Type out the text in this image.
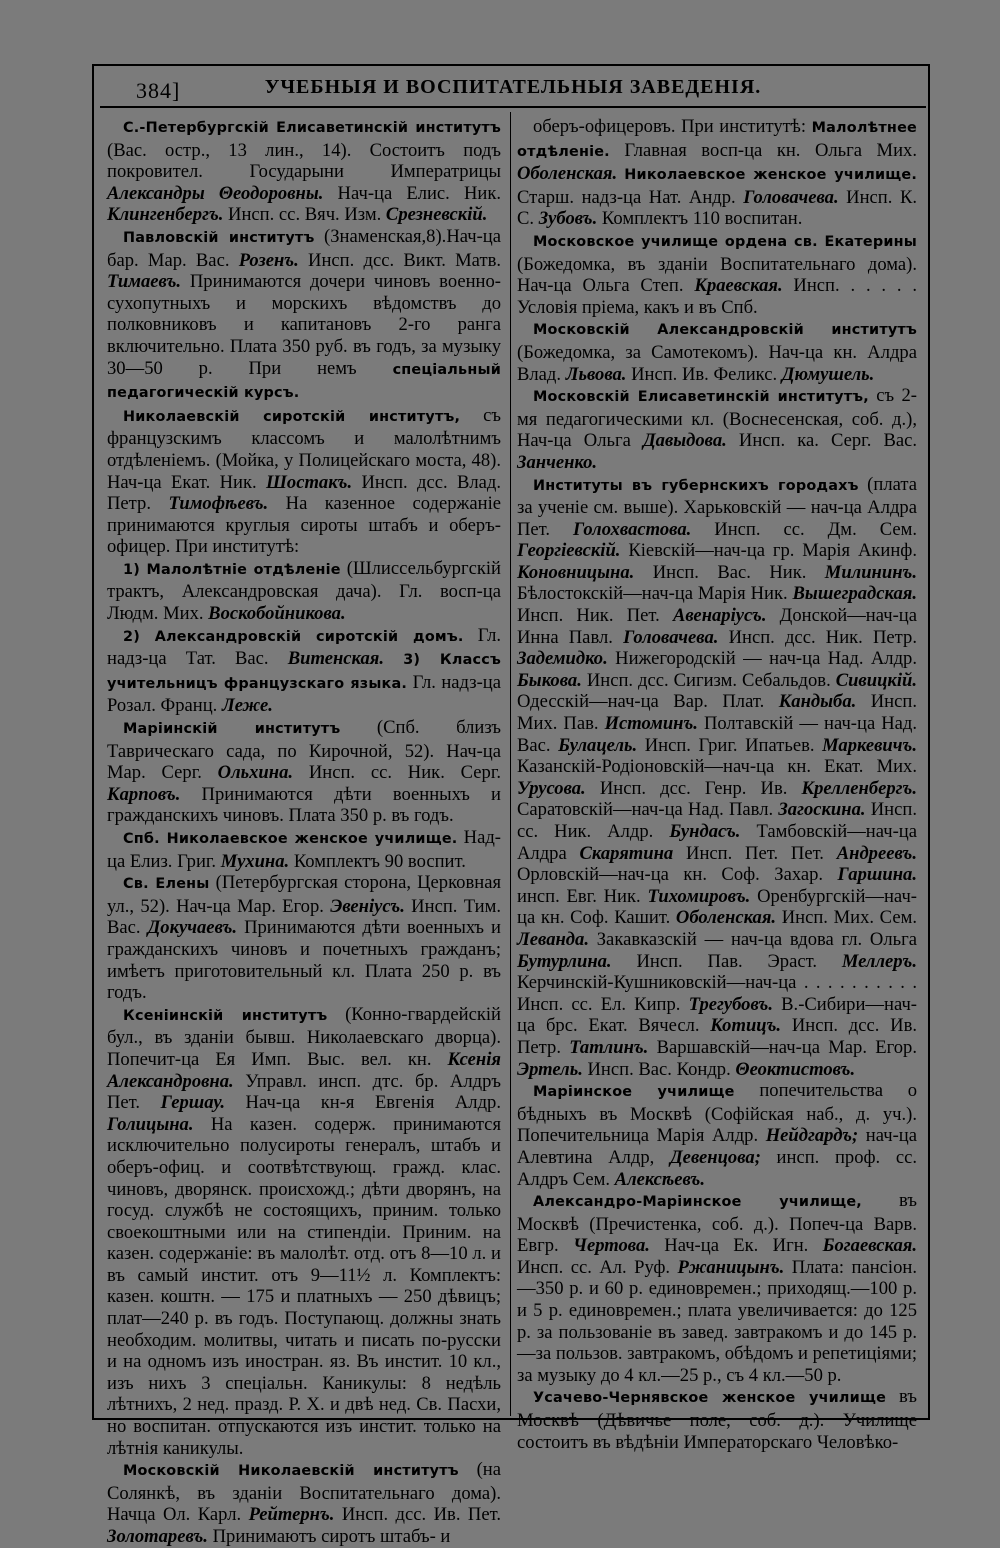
384]	УЧЕБНЫЯ И ВОСПИТАТЕЛЬНЫЯ ЗАВЕДЕНІЯ.

С.-Петербургскій Елисаветинскій институтъ (Вас. остр., 13 лин., 14). Состоитъ подъ покровител. Государыни Императрицы Александры Θеодоровны. Нач-ца Елис. Ник. Клингенбергъ. Инсп. сс. Вяч. Изм. Срезневскій.

Павловскій институтъ (Знаменская,8).Нач-ца бар. Мар. Вас. Розенъ. Инсп. дсс. Викт. Матв. Тимаевъ. Принимаются дочери чиновъ военно-сухопутныхъ и морскихъ вѣдомствъ до полковниковъ и капитановъ 2-го ранга включительно. Плата 350 руб. въ годъ, за музыку 30—50 р. При немъ спеціальный педагогическій курсъ.

Николаевскій сиротскій институтъ, съ французскимъ классомъ и малолѣтнимъ отдѣленіемъ. (Мойка, у Полицейскаго моста, 48). Нач-ца Екат. Ник. Шостакъ. Инсп. дсс. Влад. Петр. Тимофѣевъ. На казенное содержаніе принимаются круглыя сироты штабъ и оберъ-офицер. При институтѣ:

1) Малолѣтніе отдѣленіе (Шлиссельбургскій трактъ, Александровская дача). Гл. восп-ца Людм. Мих. Воскобойникова.

2) Александровскій сиротскій домъ. Гл. надз-ца Тат. Вас. Витенская. 3) Классъ учительницъ французскаго языка. Гл. надз-ца Розал. Франц. Леже.

Маріинскій институтъ (Спб. близъ Таврическаго сада, по Кирочной, 52). Нач-ца Мар. Серг. Ольхина. Инсп. сс. Ник. Серг. Карповъ. Принимаются дѣти военныхъ и гражданскихъ чиновъ. Плата 350 р. въ годъ.

Спб. Николаевское женское училище. Над-ца Елиз. Григ. Мухина. Комплектъ 90 воспит.

Св. Елены (Петербургская сторона, Церковная ул., 52). Нач-ца Мар. Егор. Эвеніусъ. Инсп. Тим. Вас. Докучаевъ. Принимаются дѣти военныхъ и гражданскихъ чиновъ и почетныхъ гражданъ; имѣетъ приготовительный кл. Плата 250 р. въ годъ.

Ксеніинскій институтъ (Конно-гвардейскій бул., въ зданіи бывш. Николаевскаго дворца). Попечит-ца Ея Имп. Выс. вел. кн. Ксенія Александровна. Управл. инсп. дтс. бр. Алдръ Пет. Гершау. Нач-ца кн-я Евгенія Алдр. Голицына. На казен. содерж. принимаются исключительно полусироты генералъ, штабъ и оберъ-офиц. и соотвѣтствующ. гражд. клас. чиновъ, дворянск. происхожд.; дѣти дворянъ, на госуд. службѣ не состоящихъ, приним. только своекоштными или на стипендіи. Приним. на казен. содержаніе: въ малолѣт. отд. отъ 8—10 л. и въ самый инстит. отъ 9—11½ л. Комплектъ: казен. коштн. — 175 и платныхъ — 250 дѣвицъ; плат—240 р. въ годъ. Поступающ. должны знать необходим. молитвы, читать и писать по-русски и на одномъ изъ иностран. яз. Въ инстит. 10 кл., изъ нихъ 3 спеціальн. Каникулы: 8 недѣль лѣтнихъ, 2 нед. празд. Р. Х. и двѣ нед. Св. Пасхи, но воспитан. отпускаются изъ инстит. только на лѣтнія каникулы.

Московскій Николаевскій институтъ (на Солянкѣ, въ зданіи Воспитательнаго дома). Начца Ол. Карл. Рейтернъ. Инсп. дсс. Ив. Пет. Золотаревъ. Принимаютъ сиротъ штабъ- и

оберъ-офицеровъ. При институтѣ: Малолѣтнее отдѣленіе. Главная восп-ца кн. Ольга Мих. Оболенская. Николаевское женское училище. Старш. надз-ца Нат. Андр. Головачева. Инсп. К. С. Зубовъ. Комплектъ 110 воспитан.

Московское училище ордена св. Екатерины (Божедомка, въ зданіи Воспитательнаго дома). Нач-ца Ольга Степ. Краевская. Инсп. . . . . . Условія пріема, какъ и въ Спб.

Московскій Александровскій институтъ (Божедомка, за Самотекомъ). Нач-ца кн. Алдра Влад. Львова. Инсп. Ив. Феликс. Дюмушель.

Московскій Елисаветинскій институтъ, съ 2-мя педагогическими кл. (Воснесенская, соб. д.), Нач-ца Ольга Давыдова. Инсп. ка. Серг. Вас. Занченко.

Институты въ губернскихъ городахъ (плата за ученіе см. выше). Харьковскій — нач-ца Алдра Пет. Голохвастова. Инсп. сс. Дм. Сем. Георгіевскій. Кіевскій—нач-ца гр. Марія Акинф. Коновницына. Инсп. Вас. Ник. Милининъ. Бѣлостокскій—нач-ца Марія Ник. Вышеградская. Инсп. Ник. Пет. Авенаріусъ. Донской—нач-ца Инна Павл. Головачева. Инсп. дсс. Ник. Петр. Задемидко. Нижегородскій — нач-ца Над. Алдр. Быкова. Инсп. дсс. Сигизм. Себальдов. Сивицкій. Одесскій—нач-ца Вар. Плат. Кандыба. Инсп. Мих. Пав. Истоминъ. Полтавскій — нач-ца Над. Вас. Булацель. Инсп. Григ. Ипатьев. Маркевичъ. Казанскій-Родіоновскій—нач-ца кн. Екат. Мих. Урусова. Инсп. дсс. Генр. Ив. Крелленбергъ. Саратовскій—нач-ца Над. Павл. Загоскина. Инсп. сс. Ник. Алдр. Бундасъ. Тамбовскій—нач-ца Алдра Скарятина Инсп. Пет. Пет. Андреевъ. Орловскій—нач-ца кн. Соф. Захар. Гаршина. инсп. Евг. Ник. Тихомировъ. Оренбургскій—нач-ца кн. Соф. Кашит. Оболенская. Инсп. Мих. Сем. Леванда. Закавказскій — нач-ца вдова гл. Ольга Бутурлина. Инсп. Пав. Эраст. Меллеръ. Керчинскій-Кушниковскій—нач-ца . . . . . . . . . . Инсп. сс. Ел. Кипр. Трегубовъ. В.-Сибири—нач-ца брс. Екат. Вячесл. Котицъ. Инсп. дсс. Ив. Петр. Татлинъ. Варшавскій—нач-ца Мар. Егор. Эртель. Инсп. Вас. Кондр. Θеоктистовъ.

Маріинское училище попечительства о бѣдныхъ въ Москвѣ (Софійская наб., д. уч.). Попечительница Марія Алдр. Нейдгардъ; нач-ца Алевтина Алдр, Девенцова; инсп. проф. сс. Алдръ Сем. Алексѣевъ.

Александро-Маріинское училище, въ Москвѣ (Пречистенка, соб. д.). Попеч-ца Варв. Евгр. Чертова. Нач-ца Ек. Игн. Богаевская. Инсп. сс. Ал. Руф. Ржаницынъ. Плата: пансіон.—350 р. и 60 р. единовремен.; приходящ.—100 р. и 5 р. единовремен.; плата увеличивается: до 125 р. за пользованіе въ завед. завтракомъ и до 145 р.—за пользов. завтракомъ, обѣдомъ и репетиціями; за музыку до 4 кл.—25 р., съ 4 кл.—50 р.

Усачево-Чернявское женское училище въ Москвѣ (Дѣвичье поле, соб. д.). Училище состоитъ въ вѣдѣніи Императорскаго Человѣко-
